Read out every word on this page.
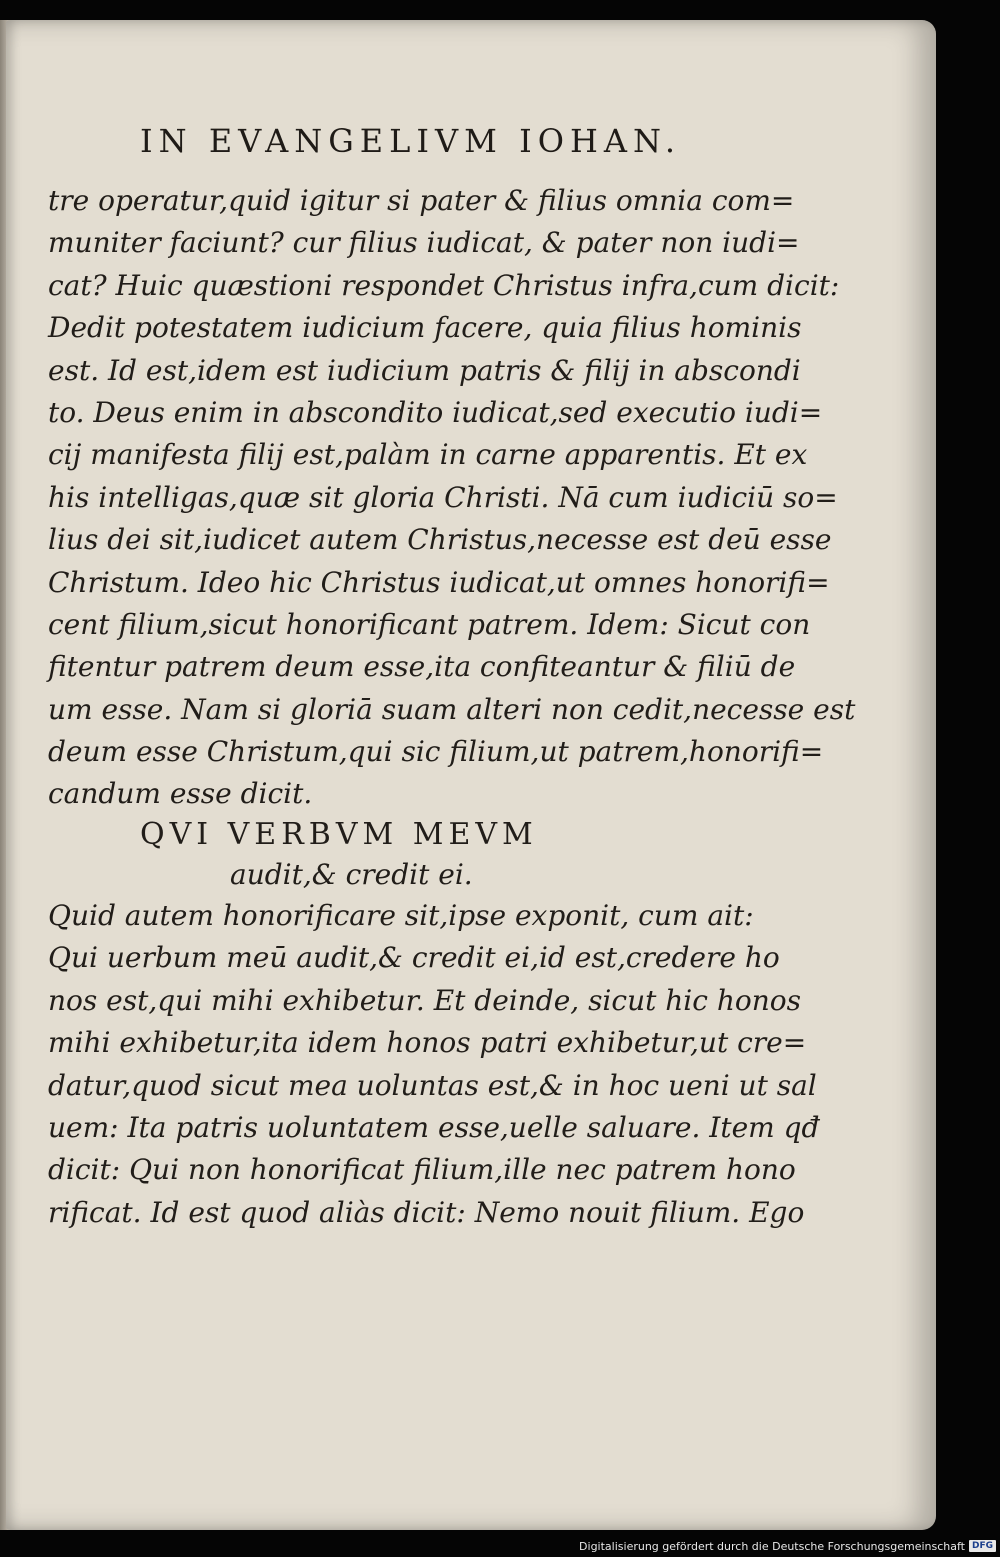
IN EVANGELIVM IOHAN.
tre operatur,quid igitur si pater & filius omnia com=
muniter faciunt? cur filius iudicat, & pater non iudi=
cat? Huic quæstioni respondet Christus infra,cum dicit:
Dedit potestatem iudicium facere, quia filius hominis
est. Id est,idem est iudicium patris & filij in abscondi
to. Deus enim in abscondito iudicat,sed executio iudi=
cij manifesta filij est,palàm in carne apparentis. Et ex
his intelligas,quæ sit gloria Christi. Nā cum iudiciū so=
lius dei sit,iudicet autem Christus,necesse est deū esse
Christum. Ideo hic Christus iudicat,ut omnes honorifi=
cent filium,sicut honorificant patrem. Idem: Sicut con
fitentur patrem deum esse,ita confiteantur & filiū de
um esse. Nam si gloriā suam alteri non cedit,necesse est
deum esse Christum,qui sic filium,ut patrem,honorifi=
candum esse dicit.
QVI VERBVM MEVM
audit,& credit ei.
Quid autem honorificare sit,ipse exponit, cum ait:
Qui uerbum meū audit,& credit ei,id est,credere ho
nos est,qui mihi exhibetur. Et deinde, sicut hic honos
mihi exhibetur,ita idem honos patri exhibetur,ut cre=
datur,quod sicut mea uoluntas est,& in hoc ueni ut sal
uem: Ita patris uoluntatem esse,uelle saluare. Item qđ
dicit: Qui non honorificat filium,ille nec patrem hono
rificat. Id est quod aliàs dicit: Nemo nouit filium. Ego
Digitalisierung gefördert durch die Deutsche Forschungsgemeinschaft DFG
